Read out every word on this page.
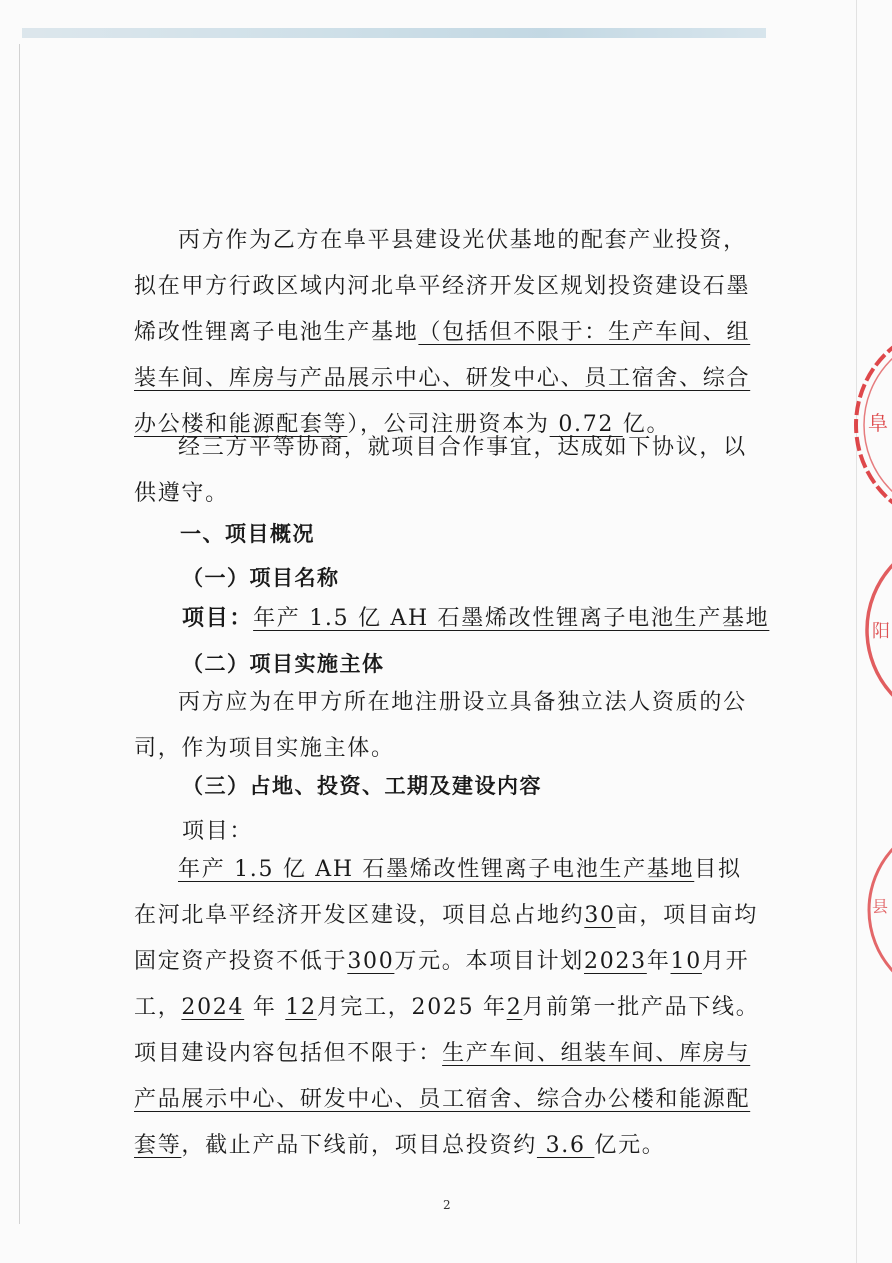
丙方作为乙方在阜平县建设光伏基地的配套产业投资，拟在甲方行政区域内河北阜平经济开发区规划投资建设石墨烯改性锂离子电池生产基地（包括但不限于：生产车间、组装车间、库房与产品展示中心、研发中心、员工宿舍、综合办公楼和能源配套等），公司注册资本为 0.72 亿。

经三方平等协商，就项目合作事宜，达成如下协议，以供遵守。

一、项目概况

（一）项目名称

项目：年产 1.5 亿 AH 石墨烯改性锂离子电池生产基地

（二）项目实施主体

丙方应为在甲方所在地注册设立具备独立法人资质的公司，作为项目实施主体。

（三）占地、投资、工期及建设内容

项目：

年产 1.5 亿 AH 石墨烯改性锂离子电池生产基地目拟在河北阜平经济开发区建设，项目总占地约30亩，项目亩均固定资产投资不低于300万元。本项目计划2023年10月开工，2024 年 12月完工，2025 年2月前第一批产品下线。项目建设内容包括但不限于：生产车间、组装车间、库房与产品展示中心、研发中心、员工宿舍、综合办公楼和能源配套等，截止产品下线前，项目总投资约 3.6 亿元。

2
阜
阳
县
